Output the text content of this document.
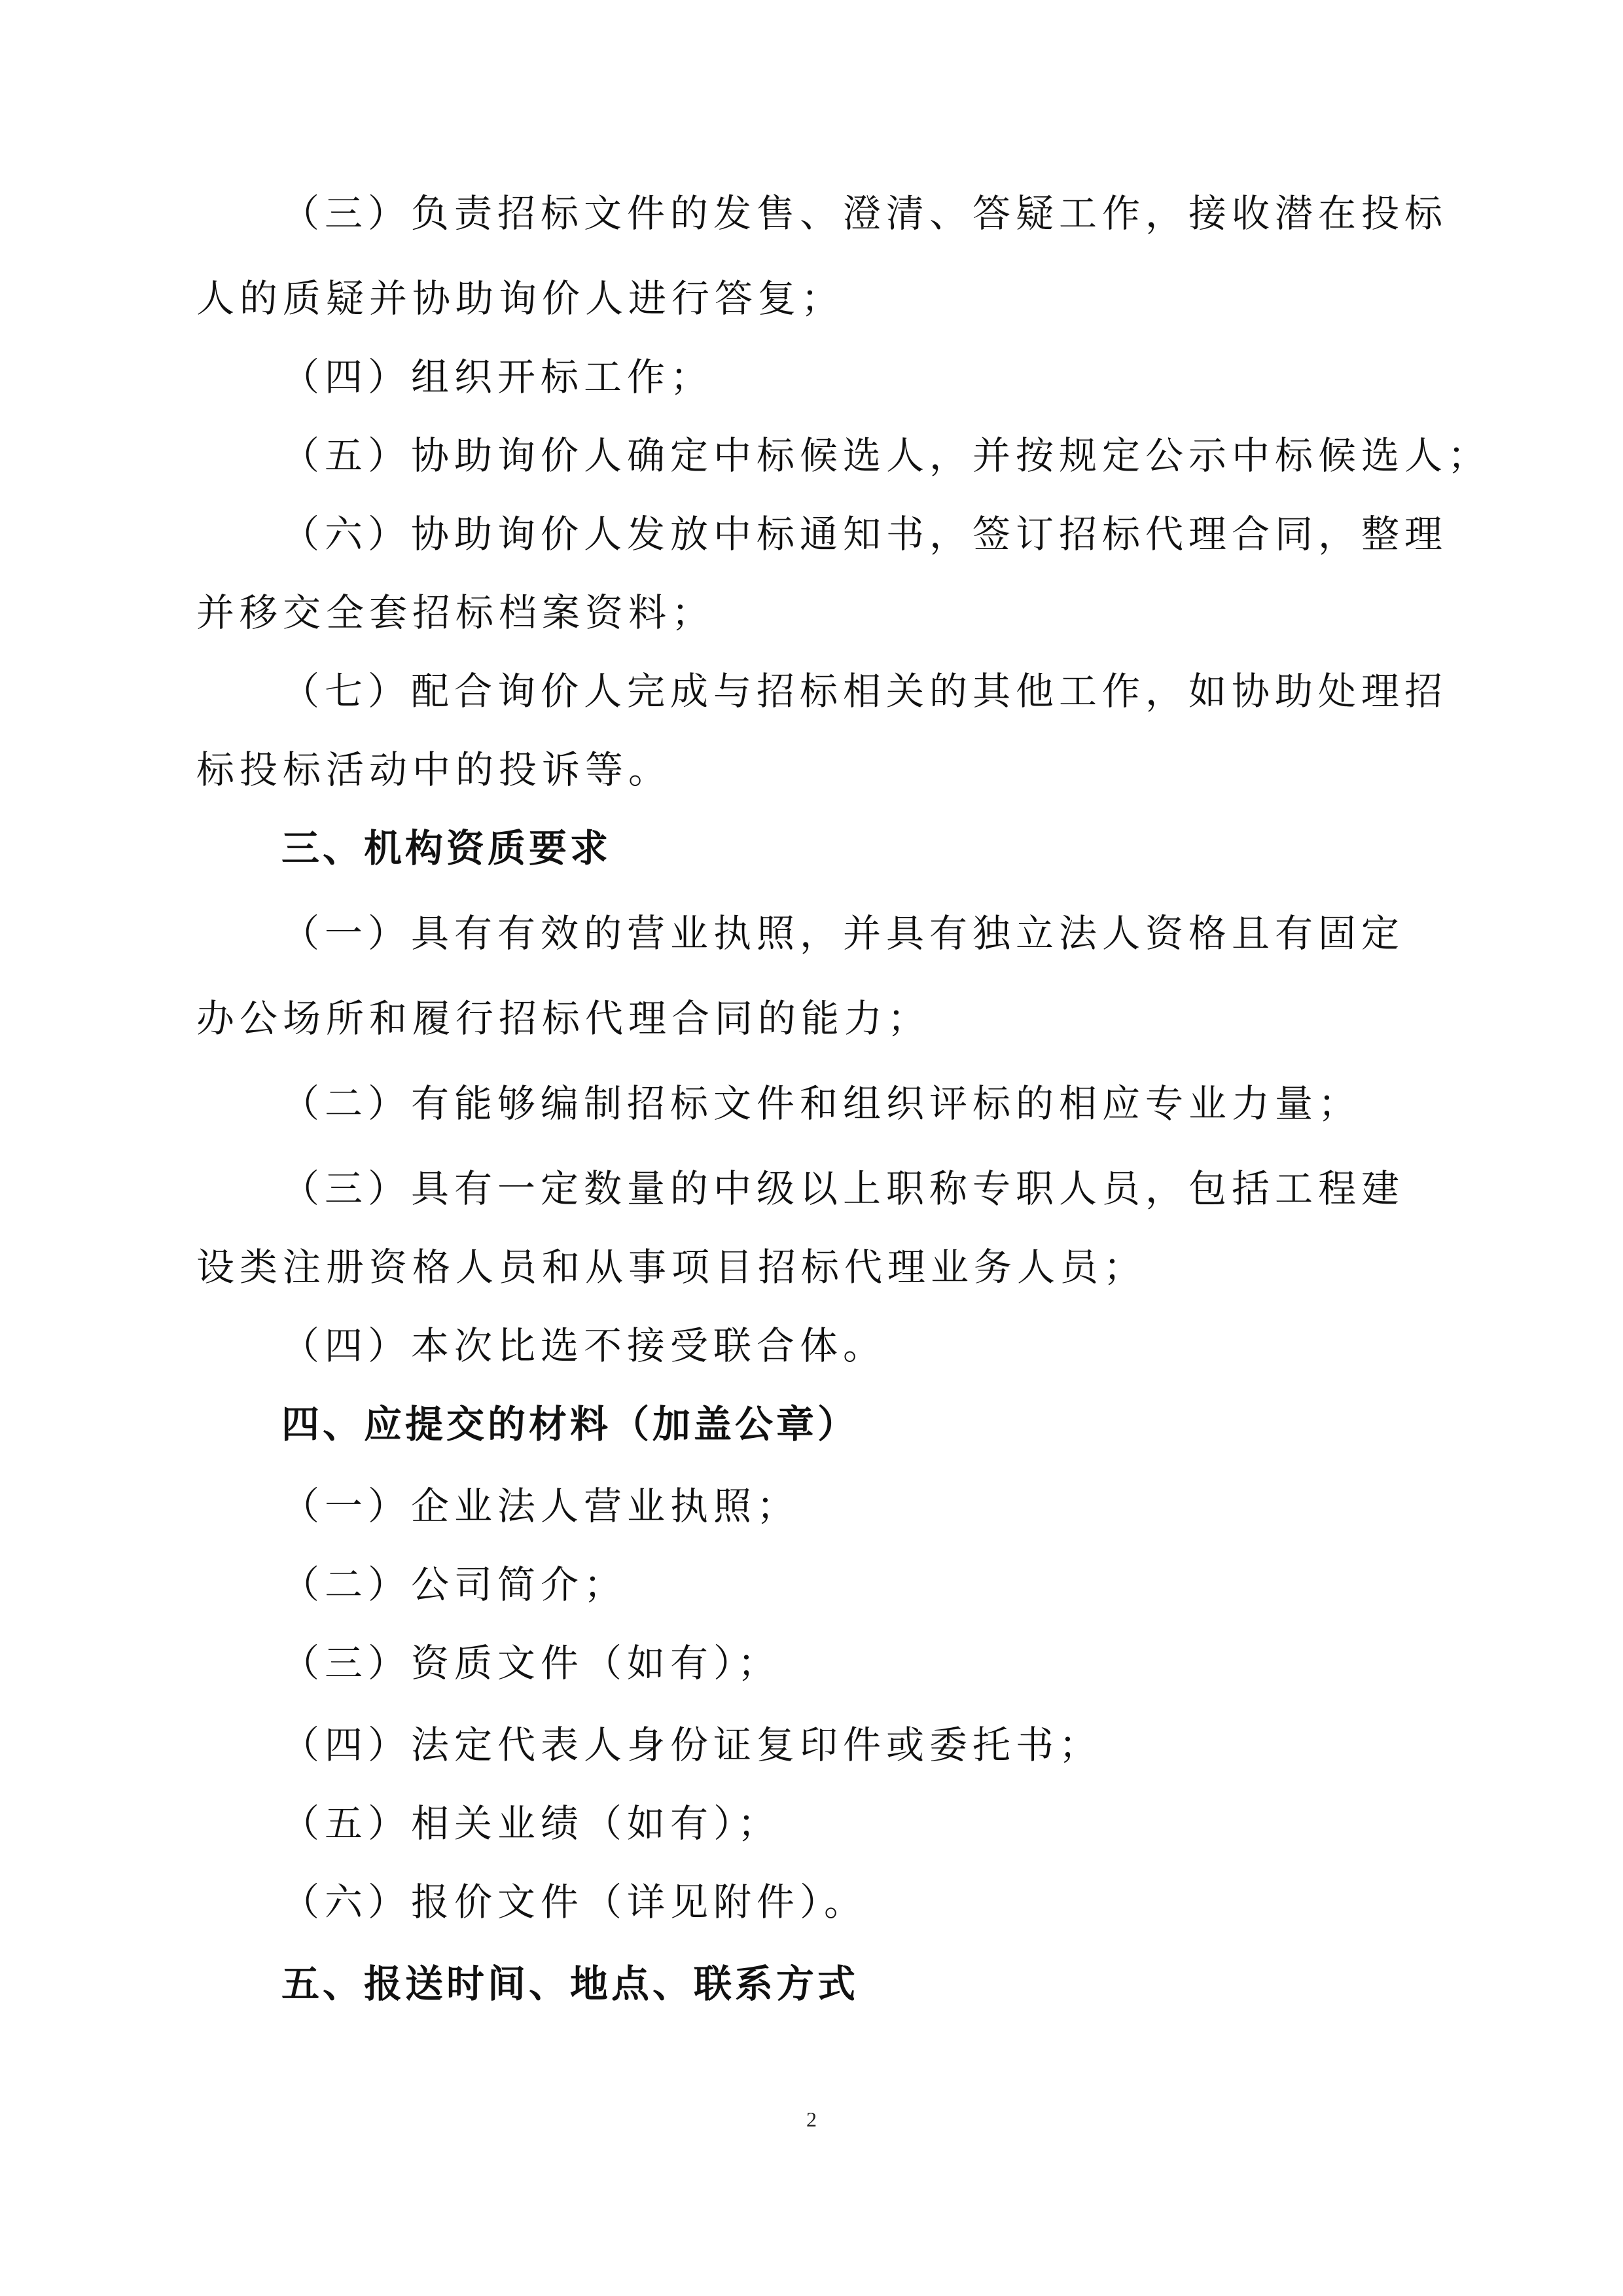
（三）负责招标文件的发售、澄清、答疑工作，接收潜在投标

人的质疑并协助询价人进行答复；

（四）组织开标工作；

（五）协助询价人确定中标候选人，并按规定公示中标候选人；

（六）协助询价人发放中标通知书，签订招标代理合同，整理

并移交全套招标档案资料；

（七）配合询价人完成与招标相关的其他工作，如协助处理招

标投标活动中的投诉等。

三、机构资质要求

（一）具有有效的营业执照，并具有独立法人资格且有固定

办公场所和履行招标代理合同的能力；

（二）有能够编制招标文件和组织评标的相应专业力量；

（三）具有一定数量的中级以上职称专职人员，包括工程建

设类注册资格人员和从事项目招标代理业务人员；

（四）本次比选不接受联合体。

四、应提交的材料（加盖公章）

（一）企业法人营业执照；

（二）公司简介；

（三）资质文件（如有）；

（四）法定代表人身份证复印件或委托书；

（五）相关业绩（如有）；

（六）报价文件（详见附件）。

五、报送时间、地点、联系方式

2
